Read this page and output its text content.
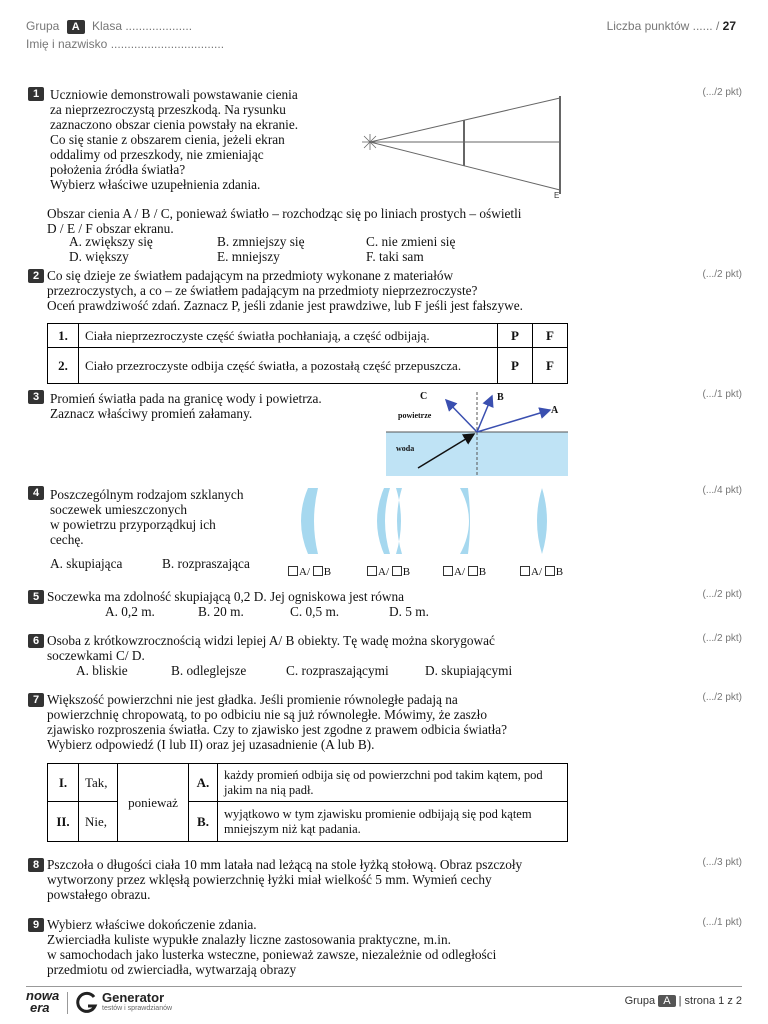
Grupa A Klasa ....................
Imię i nazwisko ..................................
Liczba punktów ...... / 27
1	(.../2 pkt)
Uczniowie demonstrowali powstawanie cienia
za nieprzezroczystą przeszkodą. Na rysunku
zaznaczono obszar cienia powstały na ekranie.
Co się stanie z obszarem cienia, jeżeli ekran
oddalimy od przeszkody, nie zmieniając
położenia źródła światła?
Wybierz właściwe uzupełnienia zdania.
E
Obszar cienia A / B / C, ponieważ światło – rozchodząc się po liniach prostych – oświetli
D / E / F obszar ekranu.
A. zwiększy się	B. zmniejszy się	C. nie zmieni się
D. większy	E. mniejszy	F. taki sam
2	(.../2 pkt)
Co się dzieje ze światłem padającym na przedmioty wykonane z materiałów
przezroczystych, a co – ze światłem padającym na przedmioty nieprzezroczyste?
Oceń prawdziwość zdań. Zaznacz P, jeśli zdanie jest prawdziwe, lub F jeśli jest fałszywe.
1.	Ciała nieprzezroczyste część światła pochłaniają, a część odbijają.	P	F
2.	Ciało przezroczyste odbija część światła, a pozostałą część przepuszcza.	P	F
3	(.../1 pkt)
Promień światła pada na granicę wody i powietrza.
Zaznacz właściwy promień załamany.	powietrze
woda
C	B
A
4	(.../4 pkt)
Poszczególnym rodzajom szklanych
soczewek umieszczonych
w powietrzu przyporządkuj ich
cechę.
A. skupiająca	B. rozpraszająca
A/ B	A/ B	A/ B	A/ B
5	(.../2 pkt)
Soczewka ma zdolność skupiającą 0,2 D. Jej ogniskowa jest równa
A. 0,2 m.	B. 20 m.	C. 0,5 m.	D. 5 m.
6	(.../2 pkt)
Osoba z krótkowzrocznością widzi lepiej A/ B obiekty. Tę wadę można skorygować
soczewkami C/ D.
A. bliskie	B. odleglejsze	C. rozpraszającymi	D. skupiającymi
7	(.../2 pkt)
Większość powierzchni nie jest gładka. Jeśli promienie równoległe padają na
powierzchnię chropowatą, to po odbiciu nie są już równoległe. Mówimy, że zaszło
zjawisko rozproszenia światła. Czy to zjawisko jest zgodne z prawem odbicia światła?
Wybierz odpowiedź (I lub II) oraz jej uzasadnienie (A lub B).
I.	Tak,	ponieważ	A.	każdy promień odbija się od powierzchni pod takim kątem, pod jakim na nią padł.
II.	Nie,		B.	wyjątkowo w tym zjawisku promienie odbijają się pod kątem mniejszym niż kąt padania.
8	(.../3 pkt)
Pszczoła o długości ciała 10 mm latała nad leżącą na stole łyżką stołową. Obraz pszczoły
wytworzony przez wklęsłą powierzchnię łyżki miał wielkość 5 mm. Wymień cechy
powstałego obrazu.
9	(.../1 pkt)
Wybierz właściwe dokończenie zdania.
Zwierciadła kuliste wypukłe znalazły liczne zastosowania praktyczne, m.in.
w samochodach jako lusterka wsteczne, ponieważ zawsze, niezależnie od odległości
przedmiotu od zwierciadła, wytwarzają obrazy
nowa
era
Generator
testów i sprawdzianów
Grupa A | strona 1 z 2
